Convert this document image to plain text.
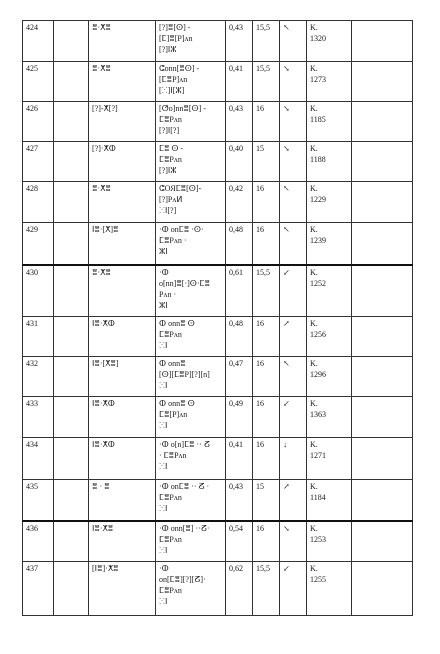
424		ⴻ·ⵅⴻ	[?]ⴻ[ⵙ] -
[ⵎ]ⴻ[P]ʌn
[?]ⵏⵣ	0,43	15,5	↖	K.
1320	

425		ⴻ·ⵅⴻ	ⵛonn[ⴻⵙ] -
[ⵎⴻP]ʌn
[ⵘ]ⵏ[ⵣ]	0,41	15,5	↘	K.
1273	

426		[?]-ⵅ[?]	[ⵚo]nnⴻ[ⵙ] -
ⵎⴻPʌn
[?]ⵏ[?]	0,43	16	↘	K.
1185	

427		[?]·ⵅⵀ	ⵎⴻ ⵙ -
ⵎⴻPʌn
[?]ⵏⵣ	0,40	15	↘	K.
1188	

428		ⴻ·ⵅⴻ	ⵛOЯⵎⴻ[ⵙ]-
[?]Pʌⵍ
ⵘⵏ[?]	0,42	16	↖	K.
1229	

429		ⵏⴻ·[ⵅ]ⴻ	·ⵀ onⵎⴻ ·ⵙ·
ⵎⴻPʌn ·
ⵣⵏ	0,48	16	↖	K.
1239	

430		ⴻ·ⵅⴻ	·ⵀ
o[nn]ⴻ[·]ⵙ·ⵎⴻ
Pʌn ·
ⵣⵏ	0,61	15,5	↙	K.
1252	

431		ⵏⴻ·ⵅⵀ	ⵀ onnⴻ ⵙ
ⵎⴻPʌn
ⵘⵏ	0,48	16	↗	K.
1256	

432		ⵏⴻ·[ⵅⴻ]	ⵀ onnⴻ
[ⵙ][ⵎⴻP][?][n]
ⵘⵏ	0,47	16	↖	K.
1296	

433		ⵏⴻ·ⵅⵀ	ⵀ onnⴻ ⵙ
ⵎⴻ[P]ʌn
ⵘⵏ	0,49	16	↙	K.
1363	

434		ⵏⴻ·ⵅⵀ	·ⵀ o[n]ⵎⴻ ·· ⵒ
· ⵎⴻPʌn
ⵘⵏ	0,41	16	↓	K.
1271	

435		ⴻ · ⴻ	·ⵀ onⵎⴻ ·· ⵒ ·
ⵎⴻPʌn
ⵘⵏ	0,43	15	↗	K.
1184	

436		ⵏⴻ·ⵅⴻ	·ⵀ onn[ⴻ] ··ⵒ·
ⵎⴻPʌn
ⵘⵏ	0,54	16	↘	K.
1253	

437		[ⵏⴻ]·ⵅⴻ	·ⵀ
on[ⵎⴻ][?][ⵒ]·
ⵎⴻPʌn
ⵘⵏ	0,62	15,5	↙	K.
1255	
